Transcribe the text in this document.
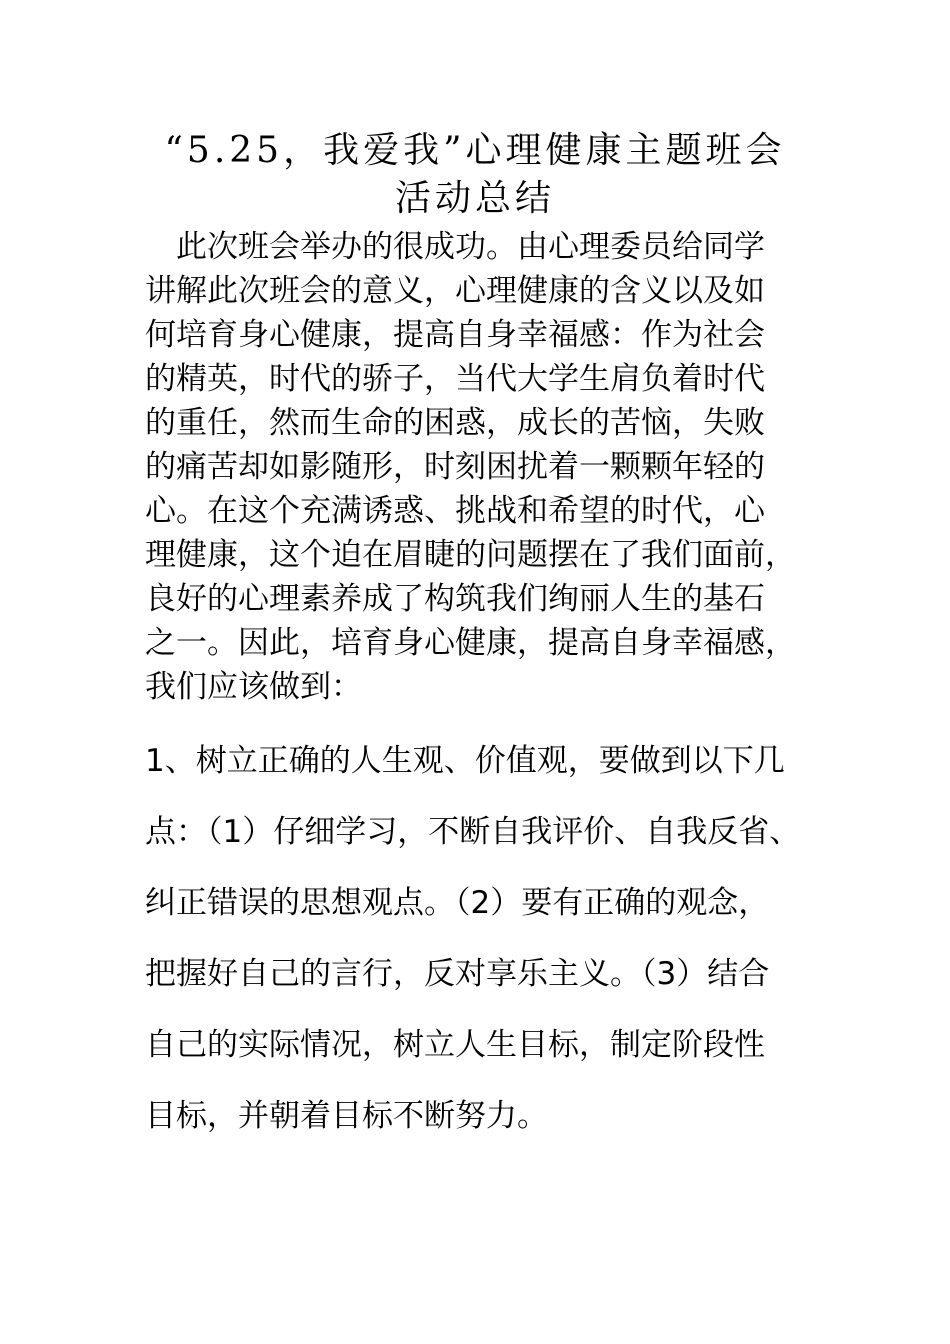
“5.25，我爱我”心理健康主题班会
活动总结

　此次班会举办的很成功。由心理委员给同学

讲解此次班会的意义，心理健康的含义以及如

何培育身心健康，提高自身幸福感：作为社会

的精英，时代的骄子，当代大学生肩负着时代

的重任，然而生命的困惑，成长的苦恼，失败

的痛苦却如影随形，时刻困扰着一颗颗年轻的

心。在这个充满诱惑、挑战和希望的时代，心

理健康，这个迫在眉睫的问题摆在了我们面前，

良好的心理素养成了构筑我们绚丽人生的基石

之一。因此，培育身心健康，提高自身幸福感，

我们应该做到：

1、树立正确的人生观、价值观，要做到以下几

点：（1）仔细学习，不断自我评价、自我反省、

纠正错误的思想观点。（2）要有正确的观念，

把握好自己的言行，反对享乐主义。（3）结合

自己的实际情况，树立人生目标，制定阶段性

目标，并朝着目标不断努力。
